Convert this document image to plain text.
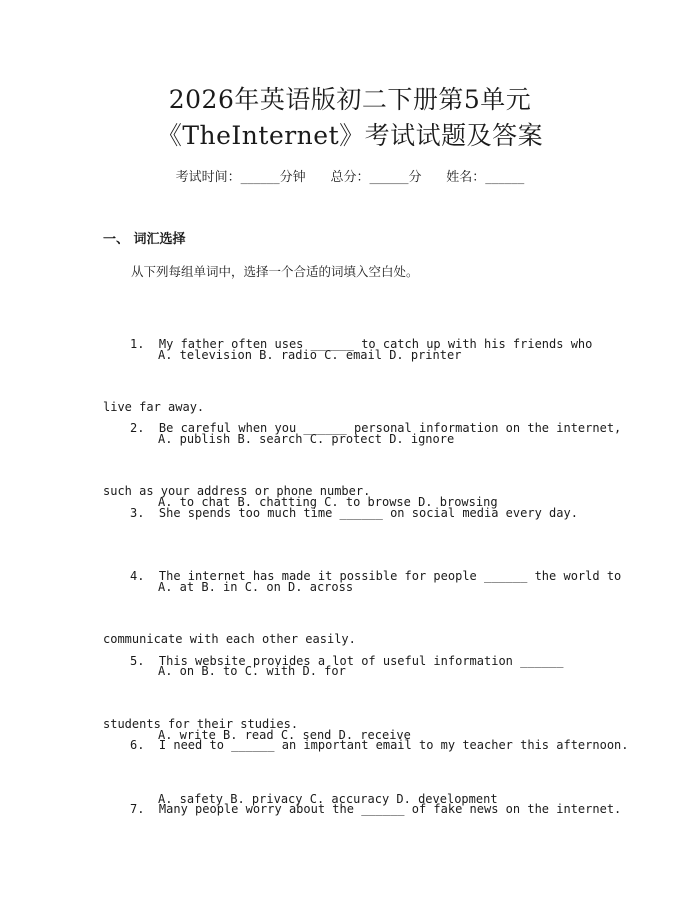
2026年英语版初二下册第5单元
《TheInternet》考试试题及答案
考试时间：______分钟 总分：______分 姓名：______
一、 词汇选择
从下列每组单词中，选择一个合适的词填入空白处。

1.  My father often uses ______ to catch up with his friends who

live far away.

A. television B. radio C. email D. printer

2.  Be careful when you ______ personal information on the internet,

such as your address or phone number.

A. publish B. search C. protect D. ignore

3.  She spends too much time ______ on social media every day.

A. to chat B. chatting C. to browse D. browsing

4.  The internet has made it possible for people ______ the world to

communicate with each other easily.

A. at B. in C. on D. across

5.  This website provides a lot of useful information ______

students for their studies.

A. on B. to C. with D. for

6.  I need to ______ an important email to my teacher this afternoon.

A. write B. read C. send D. receive

7.  Many people worry about the ______ of fake news on the internet.

A. safety B. privacy C. accuracy D. development
